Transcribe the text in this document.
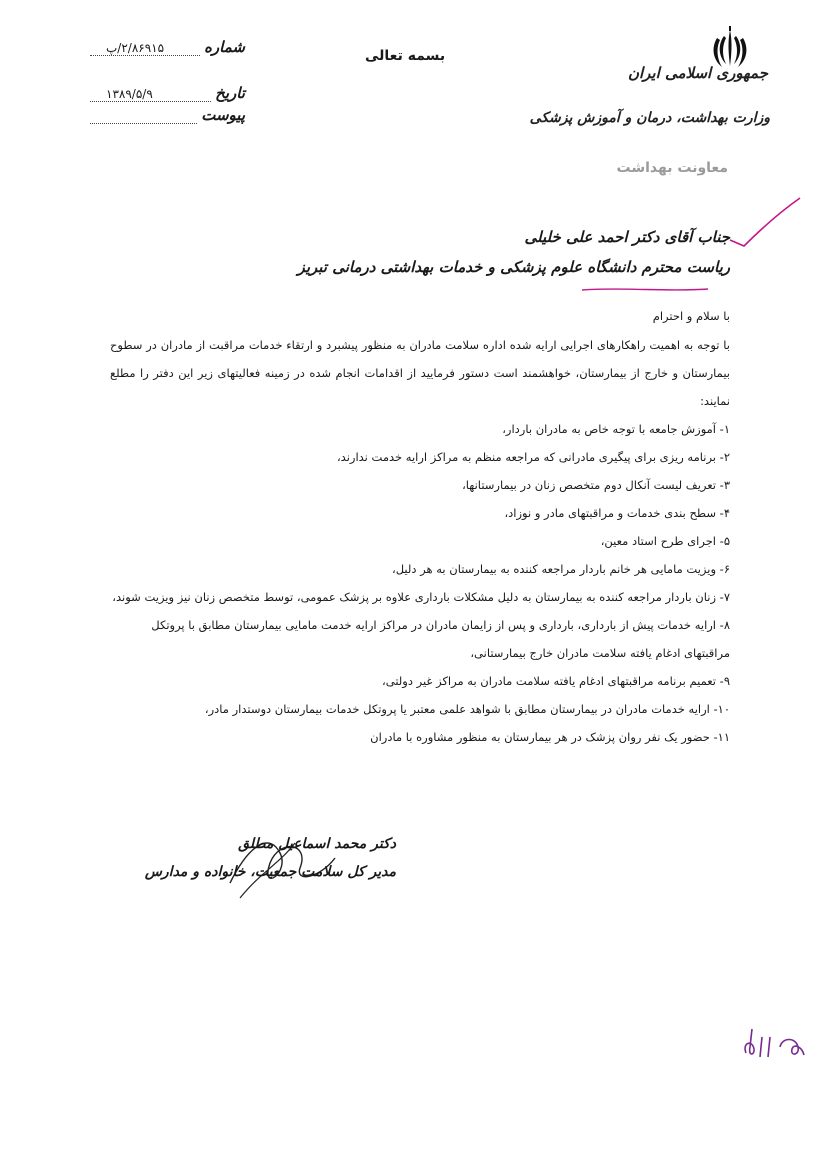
جمهوری اسلامی ایران
وزارت بهداشت، درمان و آموزش پزشکی
معاونت بهداشت
بسمه تعالی
شماره
۲/۸۶۹۱۵/پ
تاریخ
۱۳۸۹/۵/۹
پیوست
جناب آقای دکتر احمد علی خلیلی
ریاست محترم دانشگاه علوم پزشکی و خدمات بهداشتی درمانی تبریز
با سلام و احترام
با توجه به اهمیت راهکارهای اجرایی ارایه شده اداره سلامت مادران به منظور پیشبرد و ارتقاء خدمات مراقبت از مادران در سطوح بیمارستان و خارج از بیمارستان، خواهشمند است دستور فرمایید از اقدامات انجام شده در زمینه فعالیتهای زیر این دفتر را مطلع نمایند:

۱- آموزش جامعه با توجه خاص به مادران باردار،

۲- برنامه ریزی برای پیگیری مادرانی که مراجعه منظم به مراکز ارایه خدمت ندارند،

۳- تعریف لیست آنکال دوم متخصص زنان در بیمارستانها،

۴- سطح بندی خدمات و مراقبتهای مادر و نوزاد،

۵- اجرای طرح استاد معین،

۶- ویزیت مامایی هر خانم باردار مراجعه کننده به بیمارستان به هر دلیل،

۷- زنان باردار مراجعه کننده به بیمارستان به دلیل مشکلات بارداری علاوه بر پزشک عمومی، توسط متخصص زنان نیز ویزیت شوند،

۸- ارایه خدمات پیش از بارداری، بارداری و پس از زایمان مادران در مراکز ارایه خدمت مامایی بیمارستان مطابق با پروتکل مراقبتهای ادغام یافته سلامت مادران خارج بیمارستانی،

۹- تعمیم برنامه مراقبتهای ادغام یافته سلامت مادران به مراکز غیر دولتی،

۱۰- ارایه خدمات مادران در بیمارستان مطابق با شواهد علمی معتبر یا پروتکل خدمات بیمارستان دوستدار مادر،

۱۱- حضور یک نفر روان پزشک در هر بیمارستان به منظور مشاوره با مادران

دکتر محمد اسماعیل مطلق
مدیر کل سلامت جمعیت، خانواده و مدارس
